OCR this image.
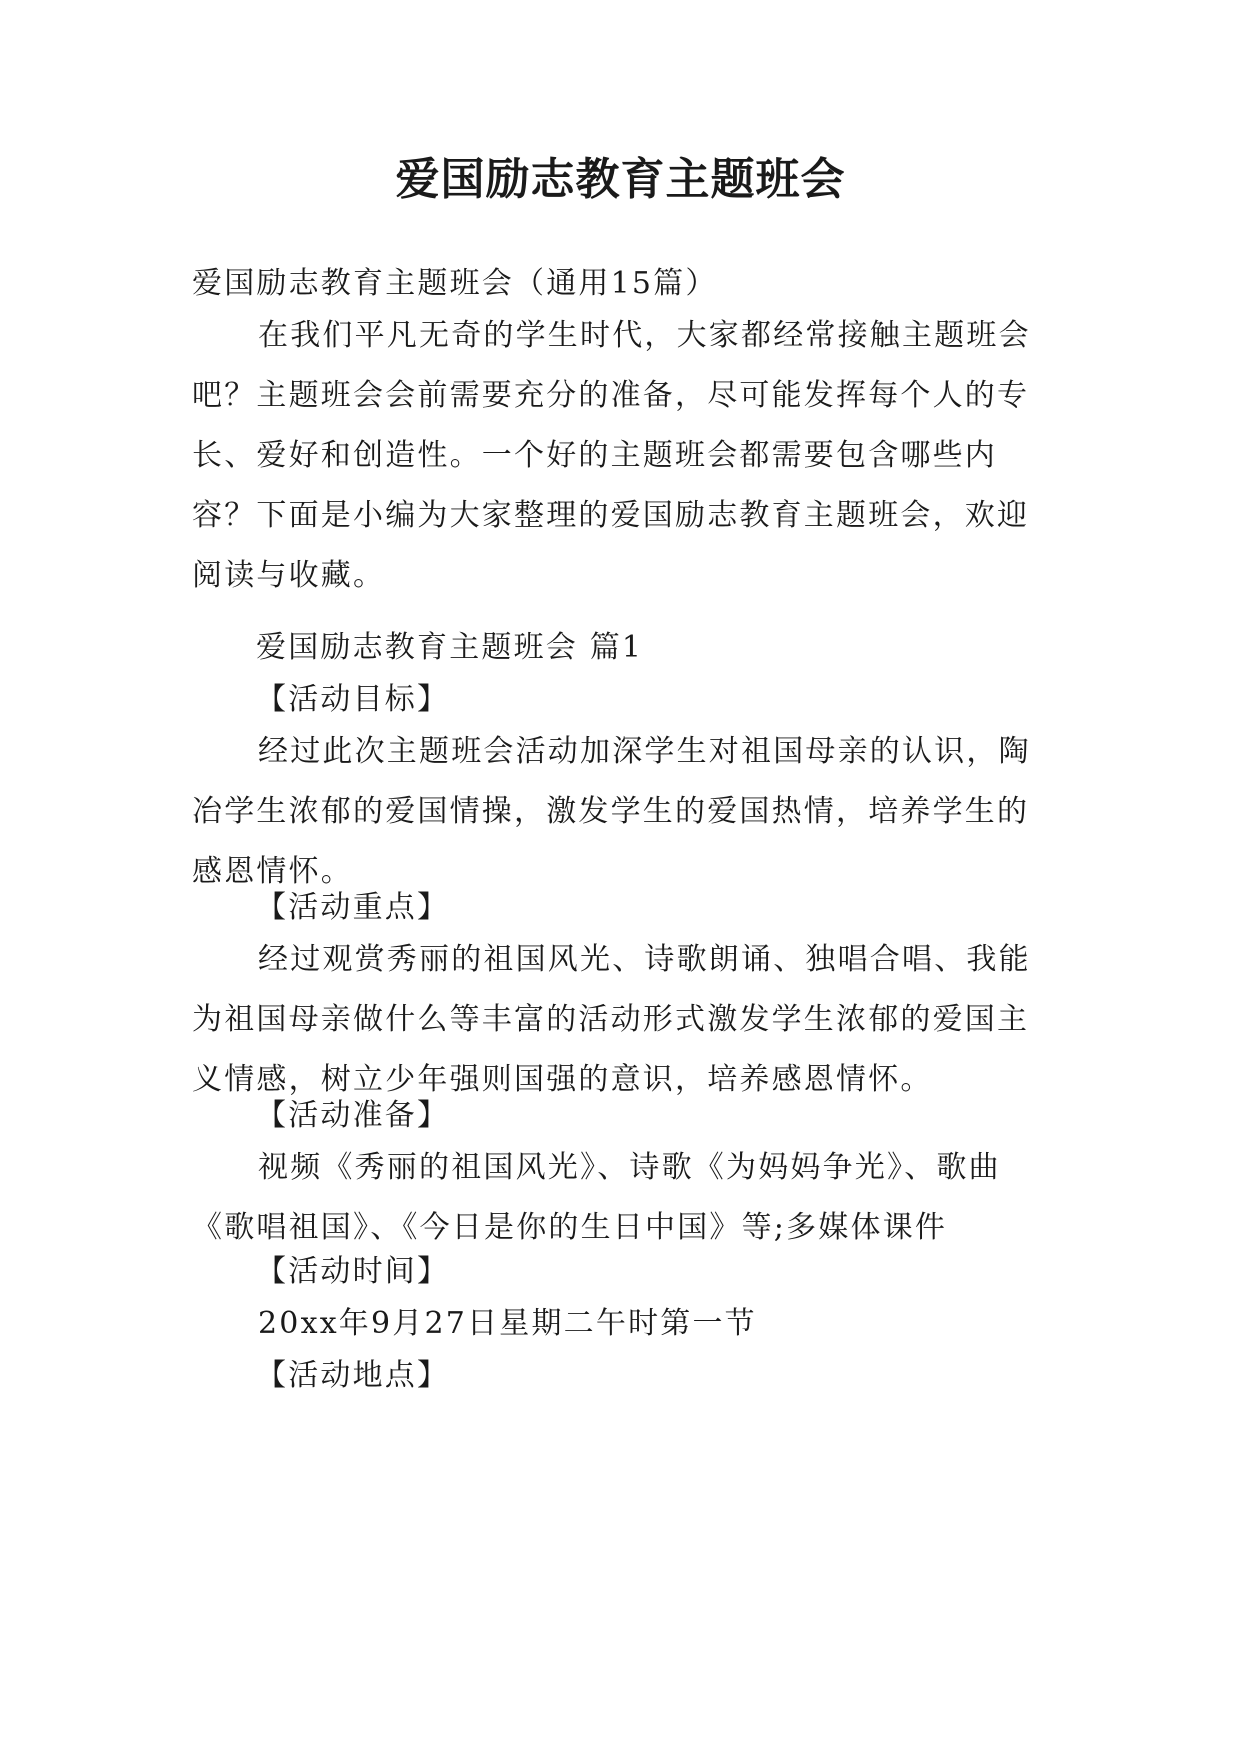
爱国励志教育主题班会

爱国励志教育主题班会（通用15篇）

在我们平凡无奇的学生时代，大家都经常接触主题班会吧？主题班会会前需要充分的准备，尽可能发挥每个人的专长、爱好和创造性。一个好的主题班会都需要包含哪些内容？下面是小编为大家整理的爱国励志教育主题班会，欢迎阅读与收藏。

爱国励志教育主题班会 篇1

【活动目标】

经过此次主题班会活动加深学生对祖国母亲的认识，陶冶学生浓郁的爱国情操，激发学生的爱国热情，培养学生的感恩情怀。

【活动重点】

经过观赏秀丽的祖国风光、诗歌朗诵、独唱合唱、我能为祖国母亲做什么等丰富的活动形式激发学生浓郁的爱国主义情感，树立少年强则国强的意识，培养感恩情怀。

【活动准备】

视频《秀丽的祖国风光》、诗歌《为妈妈争光》、歌曲《歌唱祖国》、《今日是你的生日中国》等;多媒体课件

【活动时间】

20xx年9月27日星期二午时第一节

【活动地点】
